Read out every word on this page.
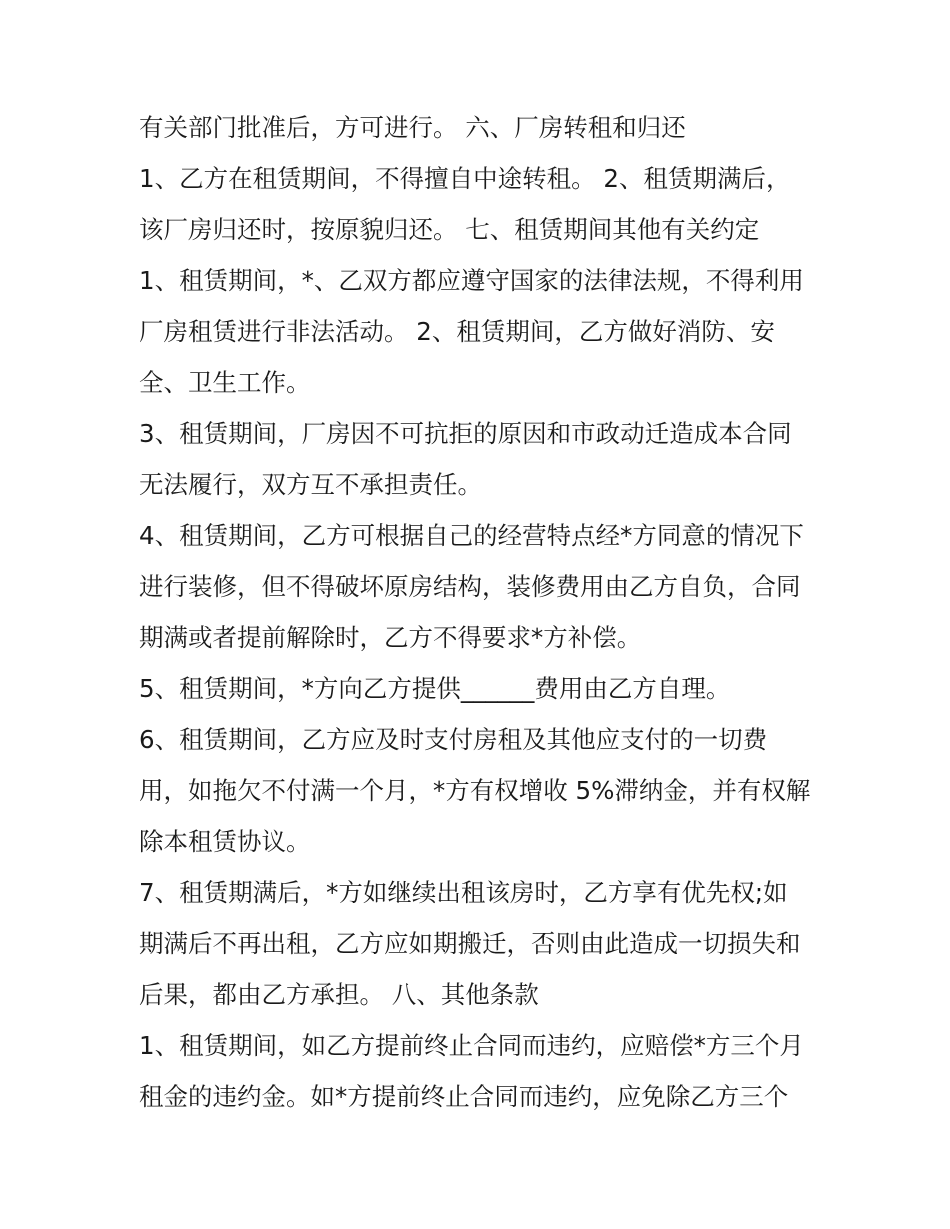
有关部门批准后，方可进行。 六、厂房转租和归还
1、乙方在租赁期间，不得擅自中途转租。 2、租赁期满后，
该厂房归还时，按原貌归还。 七、租赁期间其他有关约定
1、租赁期间，*、乙双方都应遵守国家的法律法规，不得利用
厂房租赁进行非法活动。 2、租赁期间，乙方做好消防、安
全、卫生工作。
3、租赁期间，厂房因不可抗拒的原因和市政动迁造成本合同
无法履行，双方互不承担责任。
4、租赁期间，乙方可根据自己的经营特点经*方同意的情况下
进行装修，但不得破坏原房结构，装修费用由乙方自负，合同
期满或者提前解除时，乙方不得要求*方补偿。
5、租赁期间，*方向乙方提供______费用由乙方自理。
6、租赁期间，乙方应及时支付房租及其他应支付的一切费
用，如拖欠不付满一个月，*方有权增收 5%滞纳金，并有权解
除本租赁协议。
7、租赁期满后，*方如继续出租该房时，乙方享有优先权;如
期满后不再出租，乙方应如期搬迁，否则由此造成一切损失和
后果，都由乙方承担。 八、其他条款
1、租赁期间，如乙方提前终止合同而违约，应赔偿*方三个月
租金的违约金。如*方提前终止合同而违约，应免除乙方三个
